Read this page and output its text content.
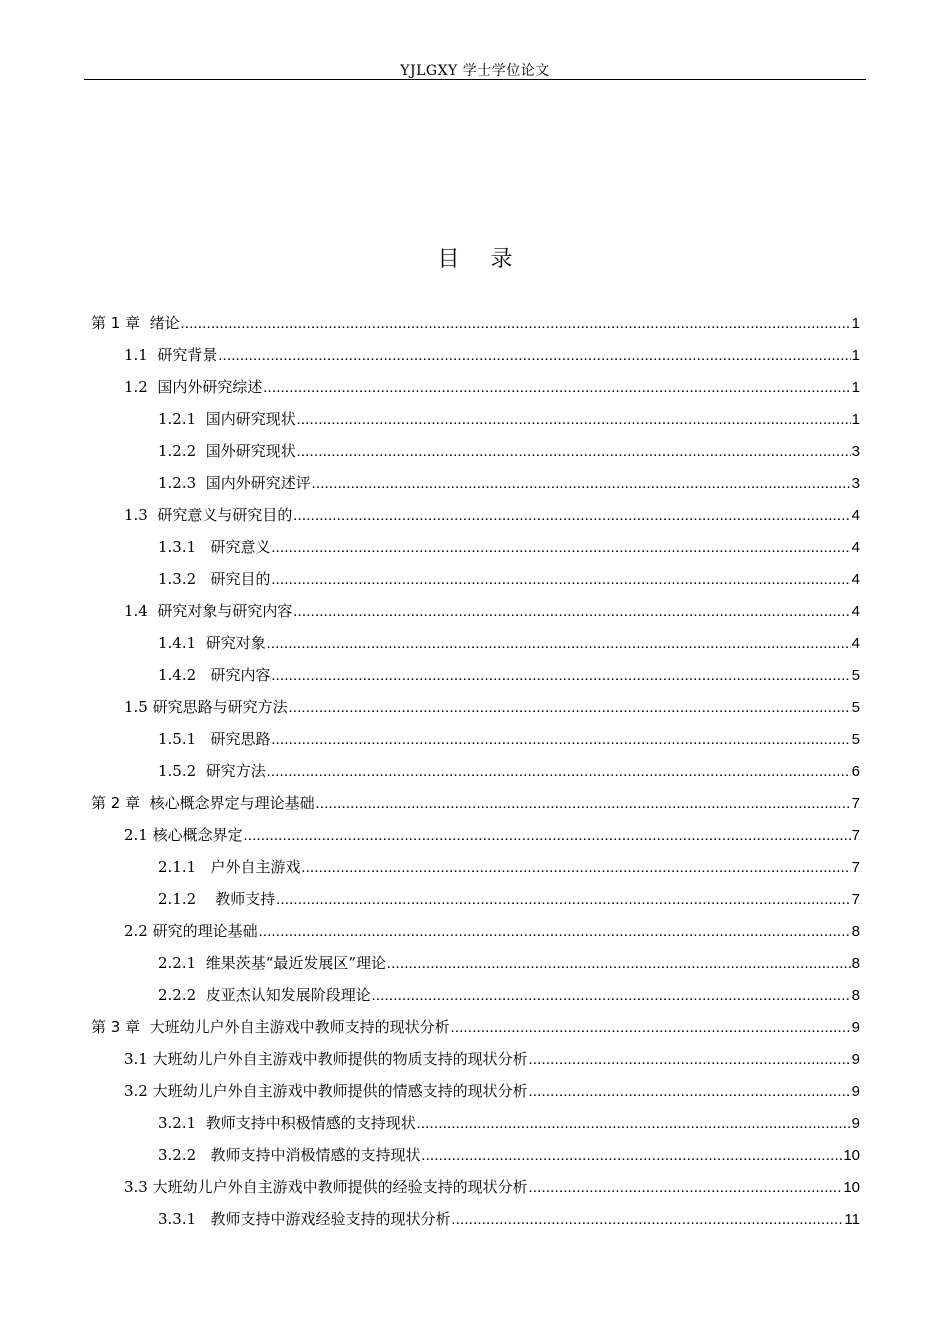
YJLGXY 学士学位论文
目 录
第 1 章  绪论 .....	1
1.1  研究背景 .....	1
1.2  国内外研究综述 .....	1
1.2.1  国内研究现状 .....	1
1.2.2  国外研究现状 .....	3
1.2.3  国内外研究述评 .....	3
1.3  研究意义与研究目的 .....	4
1.3.1   研究意义 .....	4
1.3.2   研究目的 .....	4
1.4  研究对象与研究内容 .....	4
1.4.1  研究对象 .....	4
1.4.2   研究内容 .....	5
1.5 研究思路与研究方法 .....	5
1.5.1   研究思路 .....	5
1.5.2  研究方法 .....	6
第 2 章  核心概念界定与理论基础 .....	7
2.1 核心概念界定 .....	7
2.1.1   户外自主游戏 .....	7
2.1.2    教师支持 .....	7
2.2 研究的理论基础 .....	8
2.2.1  维果茨基“最近发展区”理论 .....	8
2.2.2  皮亚杰认知发展阶段理论 .....	8
第 3 章  大班幼儿户外自主游戏中教师支持的现状分析 .....	9
3.1 大班幼儿户外自主游戏中教师提供的物质支持的现状分析 .....	9
3.2 大班幼儿户外自主游戏中教师提供的情感支持的现状分析 .....	9
3.2.1  教师支持中积极情感的支持现状 .....	9
3.2.2   教师支持中消极情感的支持现状 .....	10
3.3 大班幼儿户外自主游戏中教师提供的经验支持的现状分析 .....	10
3.3.1   教师支持中游戏经验支持的现状分析 .....	11
